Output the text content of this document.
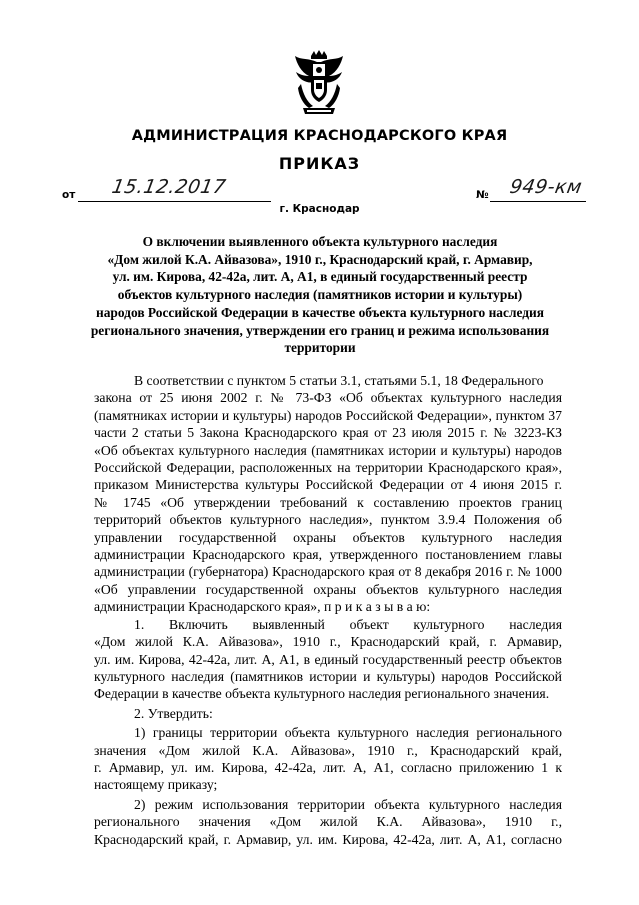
АДМИНИСТРАЦИЯ КРАСНОДАРСКОГО КРАЯ
ПРИКАЗ
от 15.12.2017	№ 949-км
г. Краснодар
О включении выявленного объекта культурного наследия
«Дом жилой К.А. Айвазова», 1910 г., Краснодарский край, г. Армавир,
ул. им. Кирова, 42-42а, лит. А, А1, в единый государственный реестр
объектов культурного наследия (памятников истории и культуры)
народов Российской Федерации в качестве объекта культурного наследия
регионального значения, утверждении его границ и режима использования
территории
В соответствии с пунктом 5 статьи 3.1, статьями 5.1, 18 Федерального
закона от 25 июня 2002 г. № 73-ФЗ «Об объектах культурного наследия
(памятниках истории и культуры) народов Российской Федерации», пунктом 37
части 2 статьи 5 Закона Краснодарского края от 23 июля 2015 г. № 3223-КЗ
«Об объектах культурного наследия (памятниках истории и культуры) народов
Российской Федерации, расположенных на территории Краснодарского края»,
приказом Министерства культуры Российской Федерации от 4 июня 2015 г.
№ 1745 «Об утверждении требований к составлению проектов границ
территорий объектов культурного наследия», пунктом 3.9.4 Положения об
управлении государственной охраны объектов культурного наследия
администрации Краснодарского края, утвержденного постановлением главы
администрации (губернатора) Краснодарского края от 8 декабря 2016 г. № 1000
«Об управлении государственной охраны объектов культурного наследия
администрации Краснодарского края», п р и к а з ы в а ю:
1. Включить выявленный объект культурного наследия
«Дом жилой К.А. Айвазова», 1910 г., Краснодарский край, г. Армавир,
ул. им. Кирова, 42-42а, лит. А, А1, в единый государственный реестр объектов
культурного наследия (памятников истории и культуры) народов Российской
Федерации в качестве объекта культурного наследия регионального значения.
2. Утвердить:
1) границы территории объекта культурного наследия регионального
значения «Дом жилой К.А. Айвазова», 1910 г., Краснодарский край,
г. Армавир, ул. им. Кирова, 42-42а, лит. А, А1, согласно приложению 1 к
настоящему приказу;
2) режим использования территории объекта культурного наследия
регионального значения «Дом жилой К.А. Айвазова», 1910 г.,
Краснодарский край, г. Армавир, ул. им. Кирова, 42-42а, лит. А, А1, согласно
